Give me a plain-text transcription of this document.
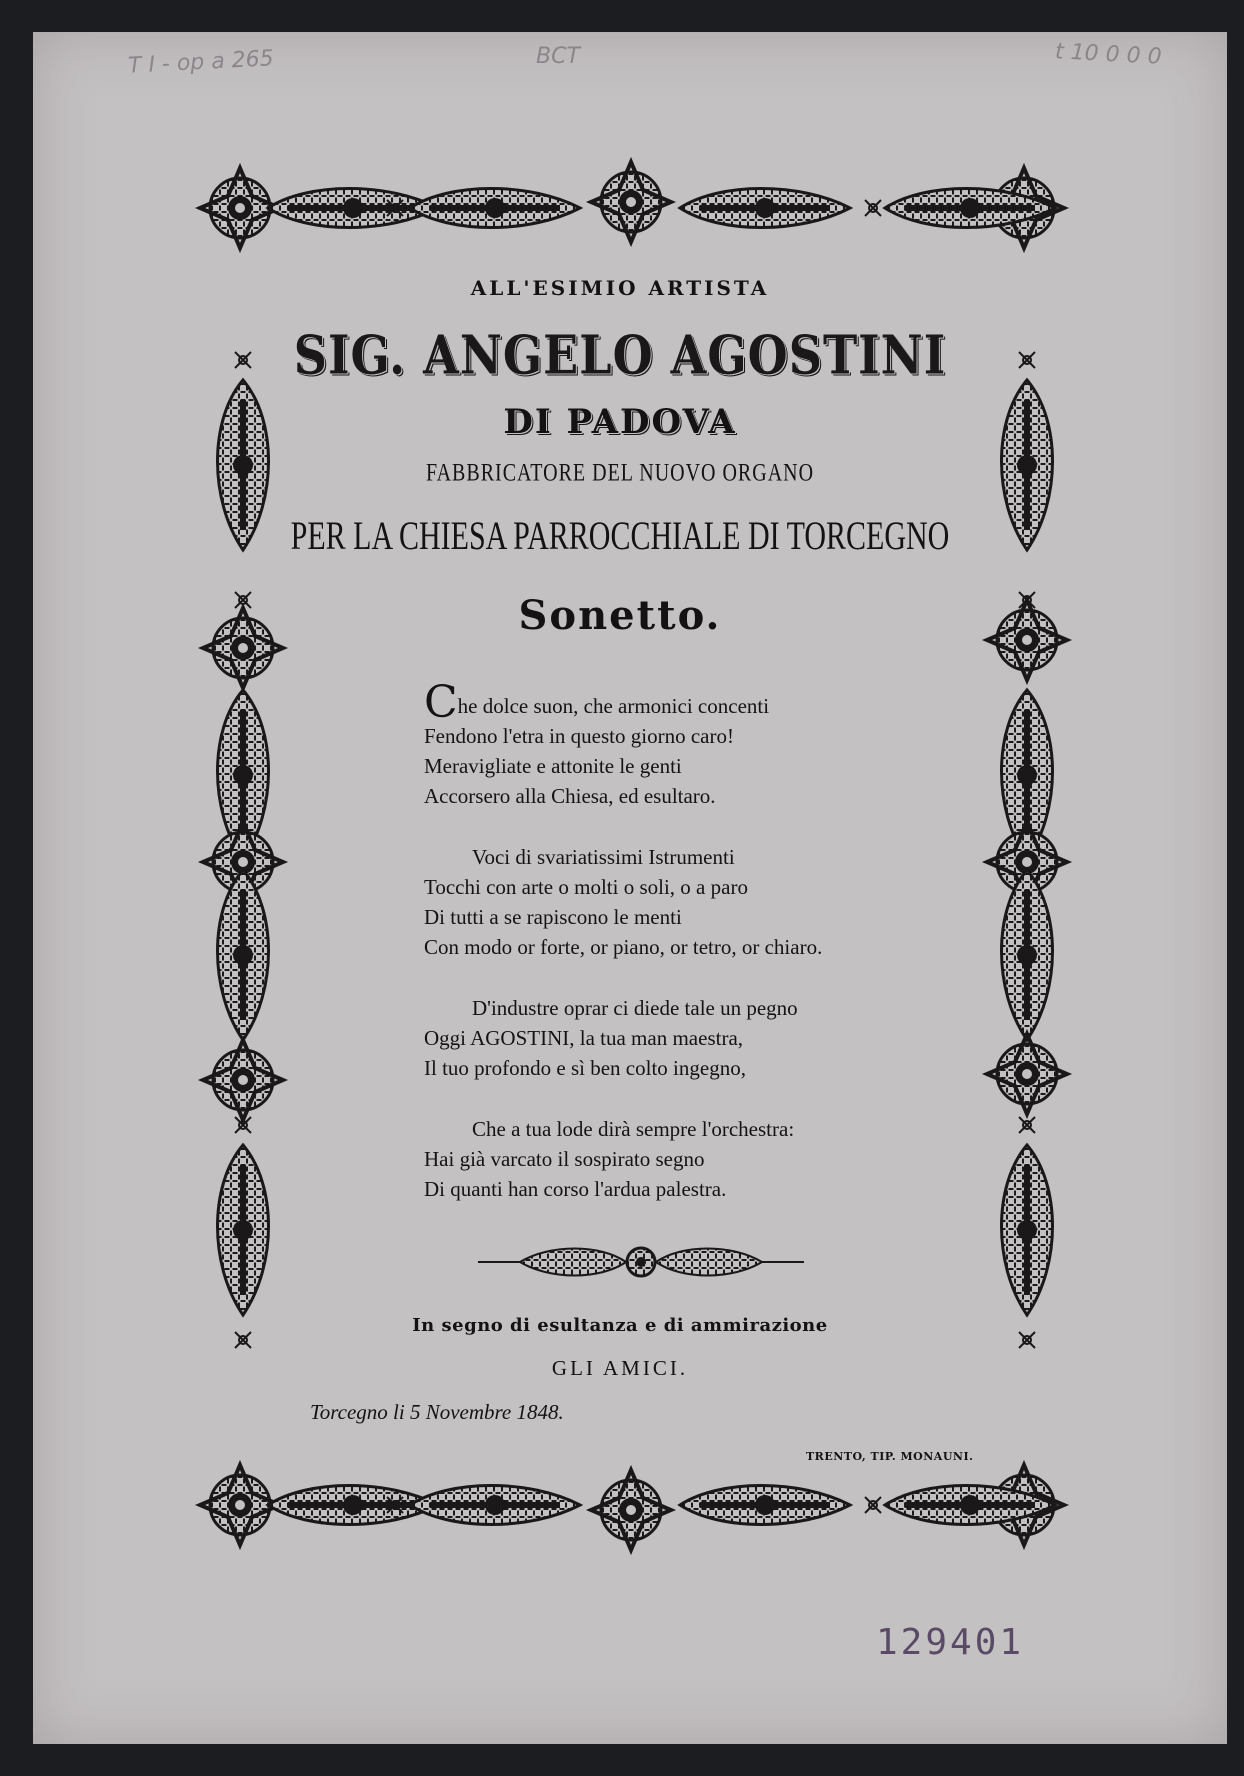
T I - op a 265	BCT	t 10 0 0 0
ALL'ESIMIO ARTISTA
SIG. ANGELO AGOSTINI
DI PADOVA
FABBRICATORE DEL NUOVO ORGANO
PER LA CHIESA PARROCCHIALE DI TORCEGNO
Sonetto.
Che dolce suon, che armonici concenti
Fendono l'etra in questo giorno caro!
Meravigliate e attonite le genti
Accorsero alla Chiesa, ed esultaro.
Voci di svariatissimi Istrumenti
Tocchi con arte o molti o soli, o a paro
Di tutti a se rapiscono le menti
Con modo or forte, or piano, or tetro, or chiaro.
D'industre oprar ci diede tale un pegno
Oggi AGOSTINI, la tua man maestra,
Il tuo profondo e sì ben colto ingegno,
Che a tua lode dirà sempre l'orchestra:
Hai già varcato il sospirato segno
Di quanti han corso l'ardua palestra.
In segno di esultanza e di ammirazione
GLI AMICI.
Torcegno li 5 Novembre 1848.
TRENTO, TIP. MONAUNI.
129401
